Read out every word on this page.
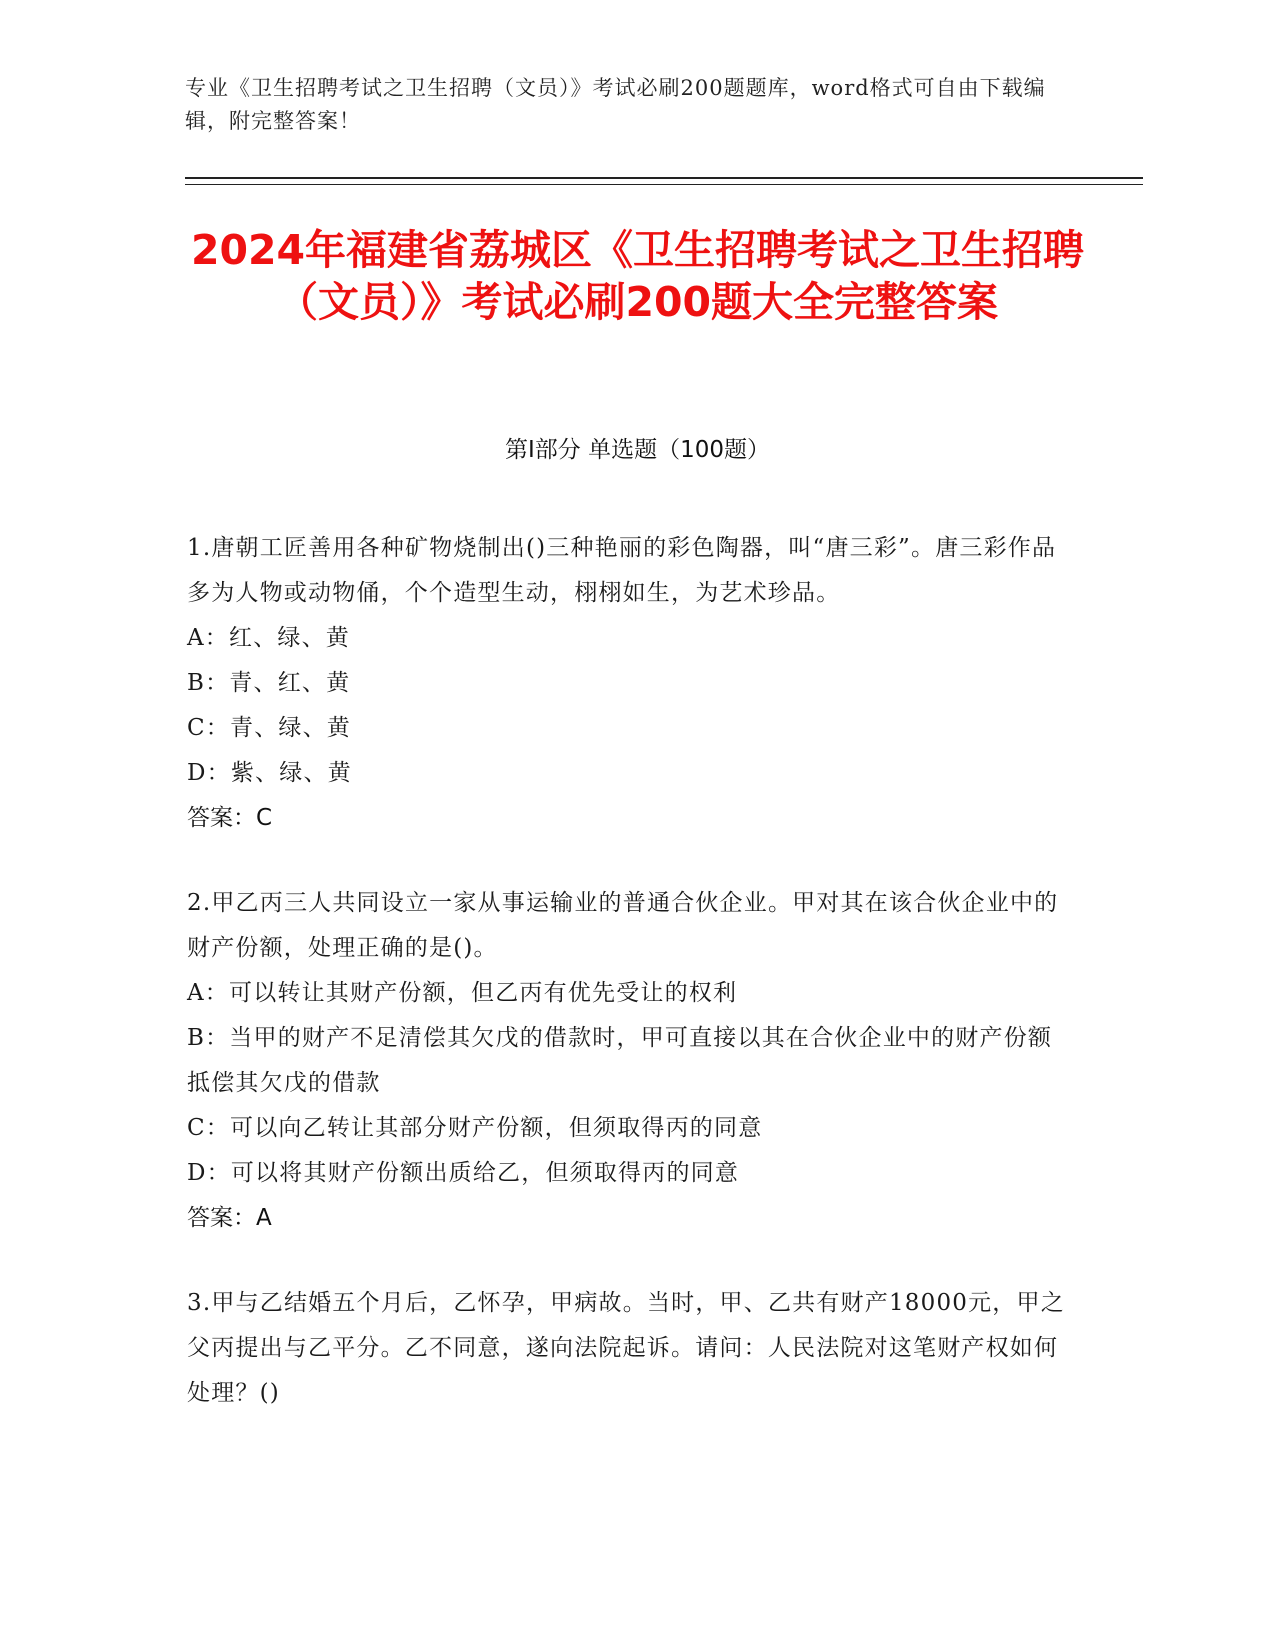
专业《卫生招聘考试之卫生招聘（文员）》考试必刷200题题库，word格式可自由下载编辑，附完整答案！
2024年福建省荔城区《卫生招聘考试之卫生招聘（文员）》考试必刷200题大全完整答案
第I部分 单选题（100题）
1.唐朝工匠善用各种矿物烧制出()三种艳丽的彩色陶器，叫“唐三彩”。唐三彩作品多为人物或动物俑，个个造型生动，栩栩如生，为艺术珍品。
A：红、绿、黄
B：青、红、黄
C：青、绿、黄
D：紫、绿、黄
答案：C
2.甲乙丙三人共同设立一家从事运输业的普通合伙企业。甲对其在该合伙企业中的财产份额，处理正确的是()。
A：可以转让其财产份额，但乙丙有优先受让的权利
B：当甲的财产不足清偿其欠戊的借款时，甲可直接以其在合伙企业中的财产份额抵偿其欠戊的借款
C：可以向乙转让其部分财产份额，但须取得丙的同意
D：可以将其财产份额出质给乙，但须取得丙的同意
答案：A
3.甲与乙结婚五个月后，乙怀孕，甲病故。当时，甲、乙共有财产18000元，甲之父丙提出与乙平分。乙不同意，遂向法院起诉。请问：人民法院对这笔财产权如何处理？()
